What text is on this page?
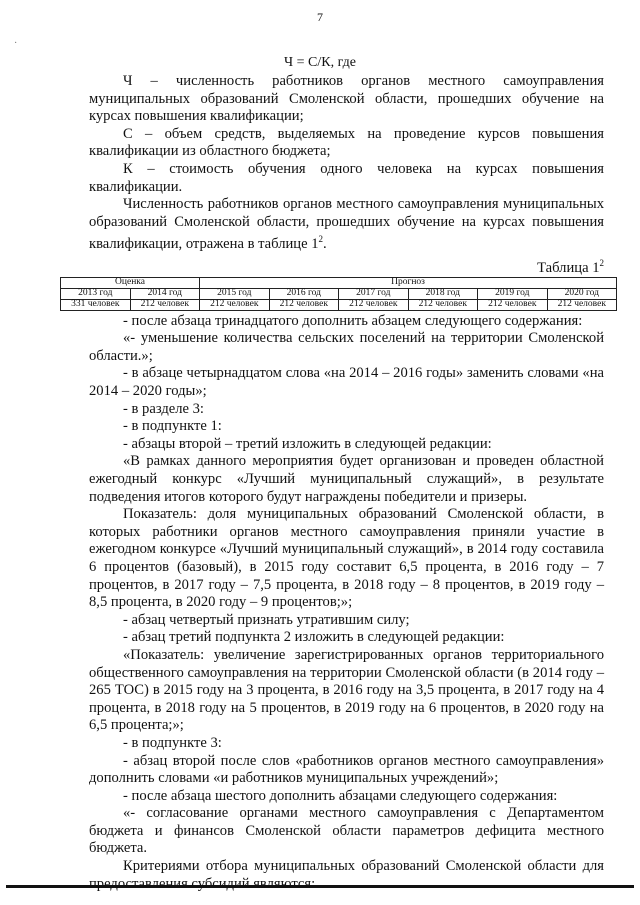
·
7
Ч = С/К, где

Ч – численность работников органов местного самоуправления муниципальных образований Смоленской области, прошедших обучение на курсах повышения квалификации;

С – объем средств, выделяемых на проведение курсов повышения квалификации из областного бюджета;

К – стоимость обучения одного человека на курсах повышения квалификации.

Численность работников органов местного самоуправления муниципальных образований Смоленской области, прошедших обучение на курсах повышения квалификации, отражена в таблице $1^2$.

Таблица $1^2$
Оценка		Прогноз					
2013 год	2014 год	2015 год	2016 год	2017 год	2018 год	2019 год	2020 год
331 человек	212 человек	212 человек	212 человек	212 человек	212 человек	212 человек	212 человек

- после абзаца тринадцатого дополнить абзацем следующего содержания:

«- уменьшение количества сельских поселений на территории Смоленской области.»;

- в абзаце четырнадцатом слова «на 2014 – 2016 годы» заменить словами «на 2014 – 2020 годы»;

- в разделе 3:

- в подпункте 1:

- абзацы второй – третий изложить в следующей редакции:

«В рамках данного мероприятия будет организован и проведен областной ежегодный конкурс «Лучший муниципальный служащий», в результате подведения итогов которого будут награждены победители и призеры.

Показатель: доля муниципальных образований Смоленской области, в которых работники органов местного самоуправления приняли участие в ежегодном конкурсе «Лучший муниципальный служащий», в 2014 году составила 6 процентов (базовый), в 2015 году составит 6,5 процента, в 2016 году – 7 процентов, в 2017 году – 7,5 процента, в 2018 году – 8 процентов, в 2019 году – 8,5 процента, в 2020 году – 9 процентов;»;

- абзац четвертый признать утратившим силу;

- абзац третий подпункта 2 изложить в следующей редакции:

«Показатель: увеличение зарегистрированных органов территориального общественного самоуправления на территории Смоленской области (в 2014 году – 265 ТОС) в 2015 году на 3 процента, в 2016 году на 3,5 процента, в 2017 году на 4 процента, в 2018 году на 5 процентов, в 2019 году на 6 процентов, в 2020 году на 6,5 процента;»;

- в подпункте 3:

- абзац второй после слов «работников органов местного самоуправления» дополнить словами «и работников муниципальных учреждений»;

- после абзаца шестого дополнить абзацами следующего содержания:

«- согласование органами местного самоуправления с Департаментом бюджета и финансов Смоленской области параметров дефицита местного бюджета.

Критериями отбора муниципальных образований Смоленской области для предоставления субсидий являются:
